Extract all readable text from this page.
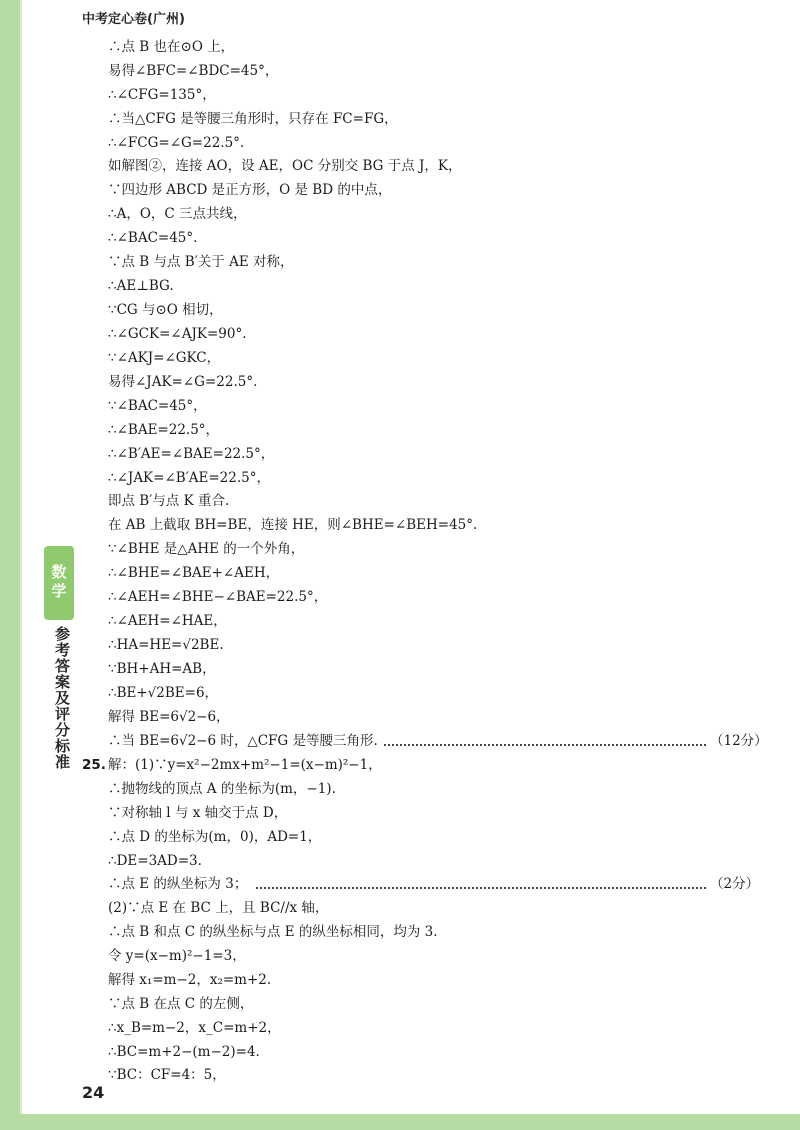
中考定心卷(广州)
数学
参考答案及评分标准
∴点 B 也在⊙O 上，
易得∠BFC=∠BDC=45°，
∴∠CFG=135°，
∴当△CFG 是等腰三角形时，只存在 FC=FG，
∴∠FCG=∠G=22.5°.
如解图②，连接 AO，设 AE，OC 分别交 BG 于点 J，K，
∵四边形 ABCD 是正方形，O 是 BD 的中点，
∴A，O，C 三点共线，
∴∠BAC=45°.
∵点 B 与点 B′关于 AE 对称，
∴AE⊥BG.
∵CG 与⊙O 相切，
∴∠GCK=∠AJK=90°.
∵∠AKJ=∠GKC，
易得∠JAK=∠G=22.5°.
∵∠BAC=45°，
∴∠BAE=22.5°，
∴∠B′AE=∠BAE=22.5°，
∴∠JAK=∠B′AE=22.5°，
即点 B′与点 K 重合.
在 AB 上截取 BH=BE，连接 HE，则∠BHE=∠BEH=45°.
∵∠BHE 是△AHE 的一个外角，
∴∠BHE=∠BAE+∠AEH，
∴∠AEH=∠BHE−∠BAE=22.5°，
∴∠AEH=∠HAE，
∴HA=HE=√2BE.
∵BH+AH=AB，
∴BE+√2BE=6，
解得 BE=6√2−6，
∴当 BE=6√2−6 时，△CFG 是等腰三角形.	（12分）
25. 解：(1)∵y=x²−2mx+m²−1=(x−m)²−1，
∴抛物线的顶点 A 的坐标为(m，−1).
∵对称轴 l 与 x 轴交于点 D，
∴点 D 的坐标为(m，0)，AD=1，
∴DE=3AD=3.
∴点 E 的纵坐标为 3；	（2分）
(2)∵点 E 在 BC 上，且 BC//x 轴，
∴点 B 和点 C 的纵坐标与点 E 的纵坐标相同，均为 3.
令 y=(x−m)²−1=3，
解得 x₁=m−2，x₂=m+2.
∵点 B 在点 C 的左侧，
∴x_B=m−2，x_C=m+2，
∴BC=m+2−(m−2)=4.
∵BC：CF=4：5，
24
